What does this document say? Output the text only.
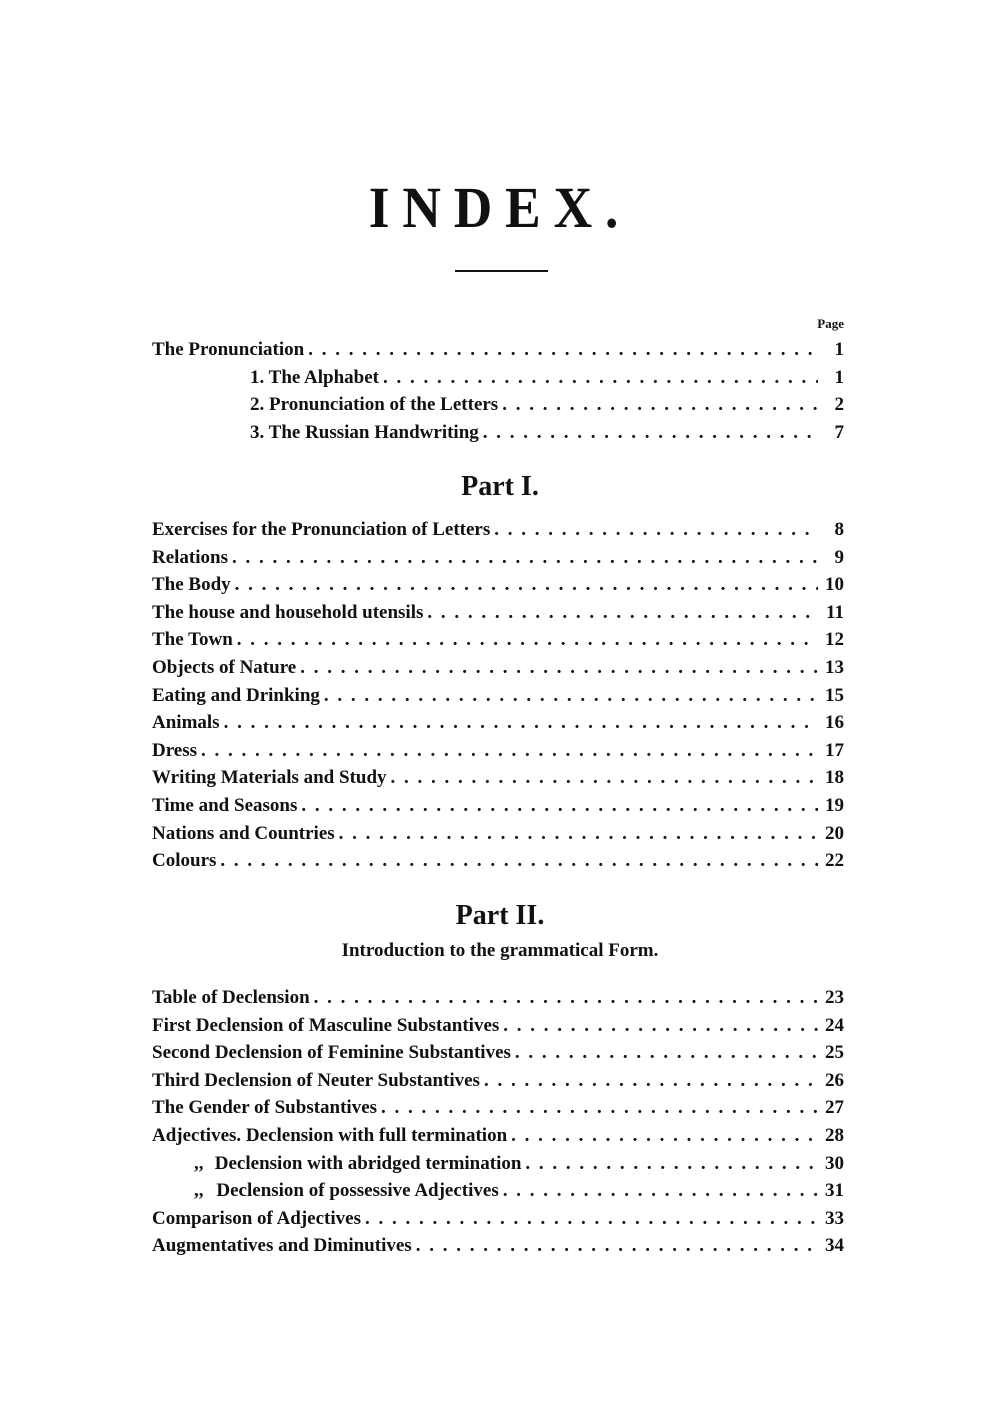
INDEX.
Page
The Pronunciation . . .	1
1. The Alphabet . . .	1
2. Pronunciation of the Letters . . .	2
3. The Russian Handwriting . . .	7
Part I.
Exercises for the Pronunciation of Letters . . .	8
Relations . . .	9
The Body . . .	10
The house and household utensils . . .	11
The Town . . .	12
Objects of Nature . . .	13
Eating and Drinking . . .	15
Animals . . .	16
Dress . . .	17
Writing Materials and Study . . .	18
Time and Seasons . . .	19
Nations and Countries . . .	20
Colours . . .	22
Part II.
Introduction to the grammatical Form.
Table of Declension . . .	23
First Declension of Masculine Substantives . . .	24
Second Declension of Feminine Substantives . . .	25
Third Declension of Neuter Substantives . . .	26
The Gender of Substantives . . .	27
Adjectives. Declension with full termination . . .	28
,, Declension with abridged termination . . .	30
,, Declension of possessive Adjectives . . .	31
Comparison of Adjectives . . .	33
Augmentatives and Diminutives . . .	34
